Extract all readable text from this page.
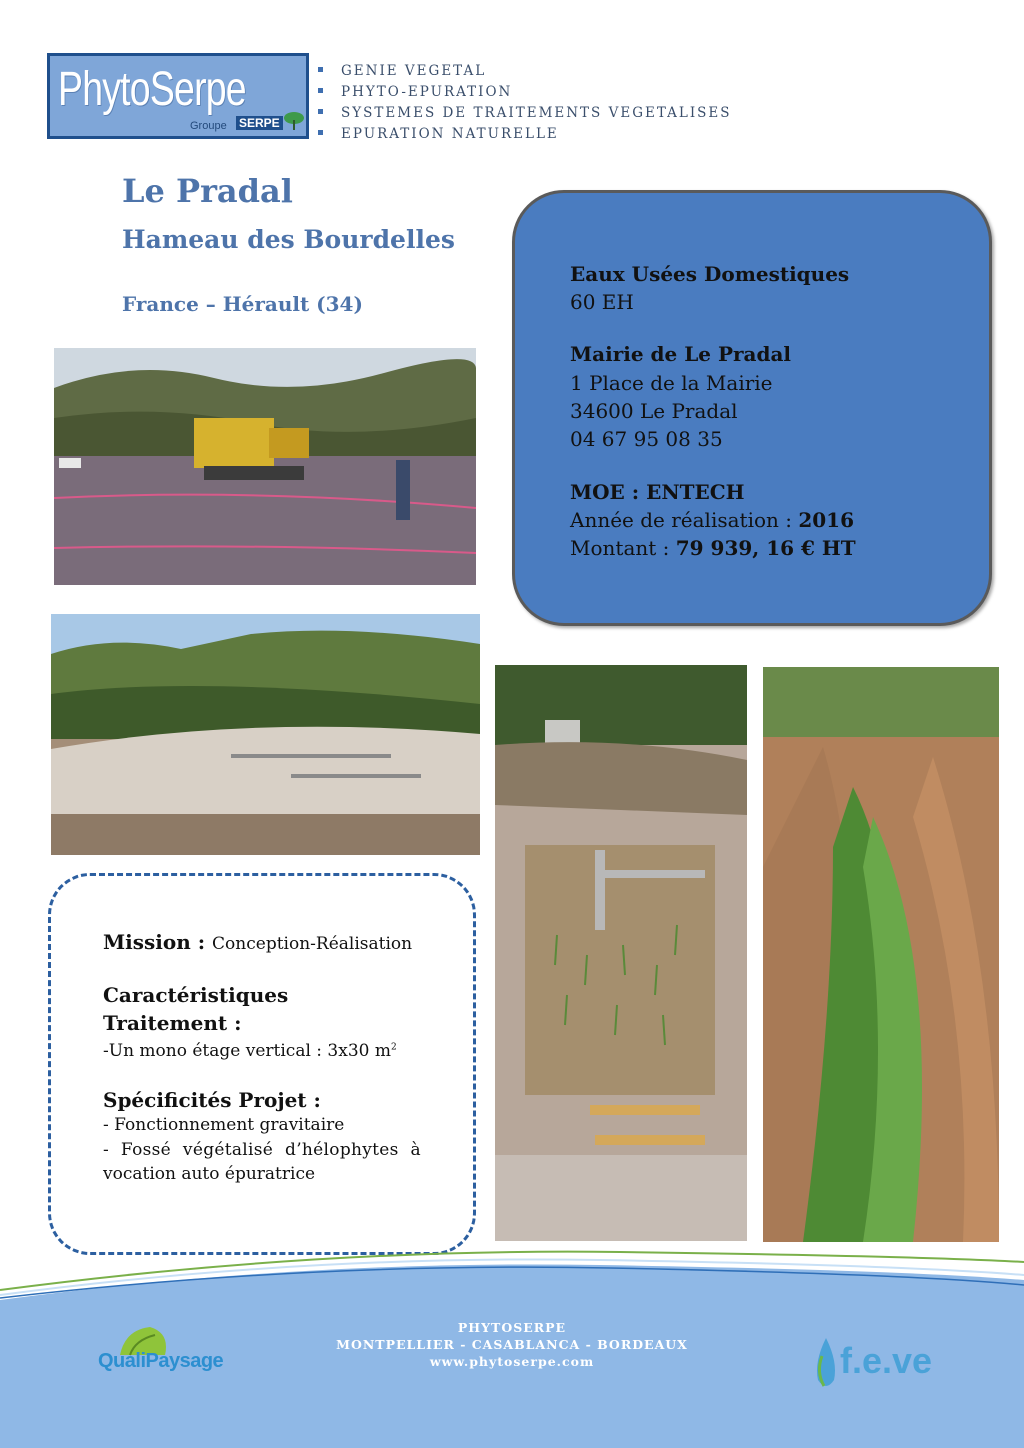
PhytoSerpe
Groupe SERPE
GENIE VEGETAL
PHYTO-EPURATION
SYSTEMES DE TRAITEMENTS VEGETALISES
EPURATION NATURELLE
Le Pradal
Hameau des Bourdelles
France – Hérault (34)
Eaux Usées Domestiques
60 EH
Mairie de Le Pradal
1 Place de la Mairie
34600 Le Pradal
04 67 95 08 35
MOE : ENTECH
Année de réalisation : 2016
Montant : 79 939, 16 € HT
Mission : Conception-Réalisation
Caractéristiques
Traitement :
-Un mono étage vertical : 3x30 $m^2$
Spécificités Projet :
- Fonctionnement gravitaire
- Fossé végétalisé d’hélophytes à
vocation auto épuratrice
PHYTOSERPE
MONTPELLIER - CASABLANCA - BORDEAUX
www.phytoserpe.com
QualiPaysage	f.e.ve
